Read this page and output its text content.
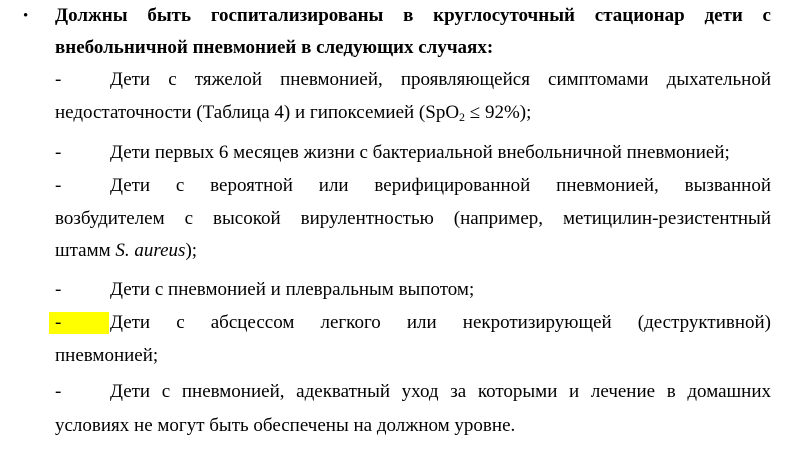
•	Должны быть госпитализированы в круглосуточный стационар дети с
внебольничной пневмонией в следующих случаях:
-	Дети с тяжелой пневмонией, проявляющейся симптомами дыхательной
недостаточности (Таблица 4) и гипоксемией (SpO$_2$ ≤ 92%);
-	Дети первых 6 месяцев жизни с бактериальной внебольничной пневмонией;
-	Дети с вероятной или верифицированной пневмонией, вызванной
возбудителем с высокой вирулентностью (например, метицилин-резистентный
штамм S. aureus);
-	Дети с пневмонией и плевральным выпотом;
-	Дети с абсцессом легкого или некротизирующей (деструктивной)
пневмонией;
-	Дети с пневмонией, адекватный уход за которыми и лечение в домашних
условиях не могут быть обеспечены на должном уровне.
